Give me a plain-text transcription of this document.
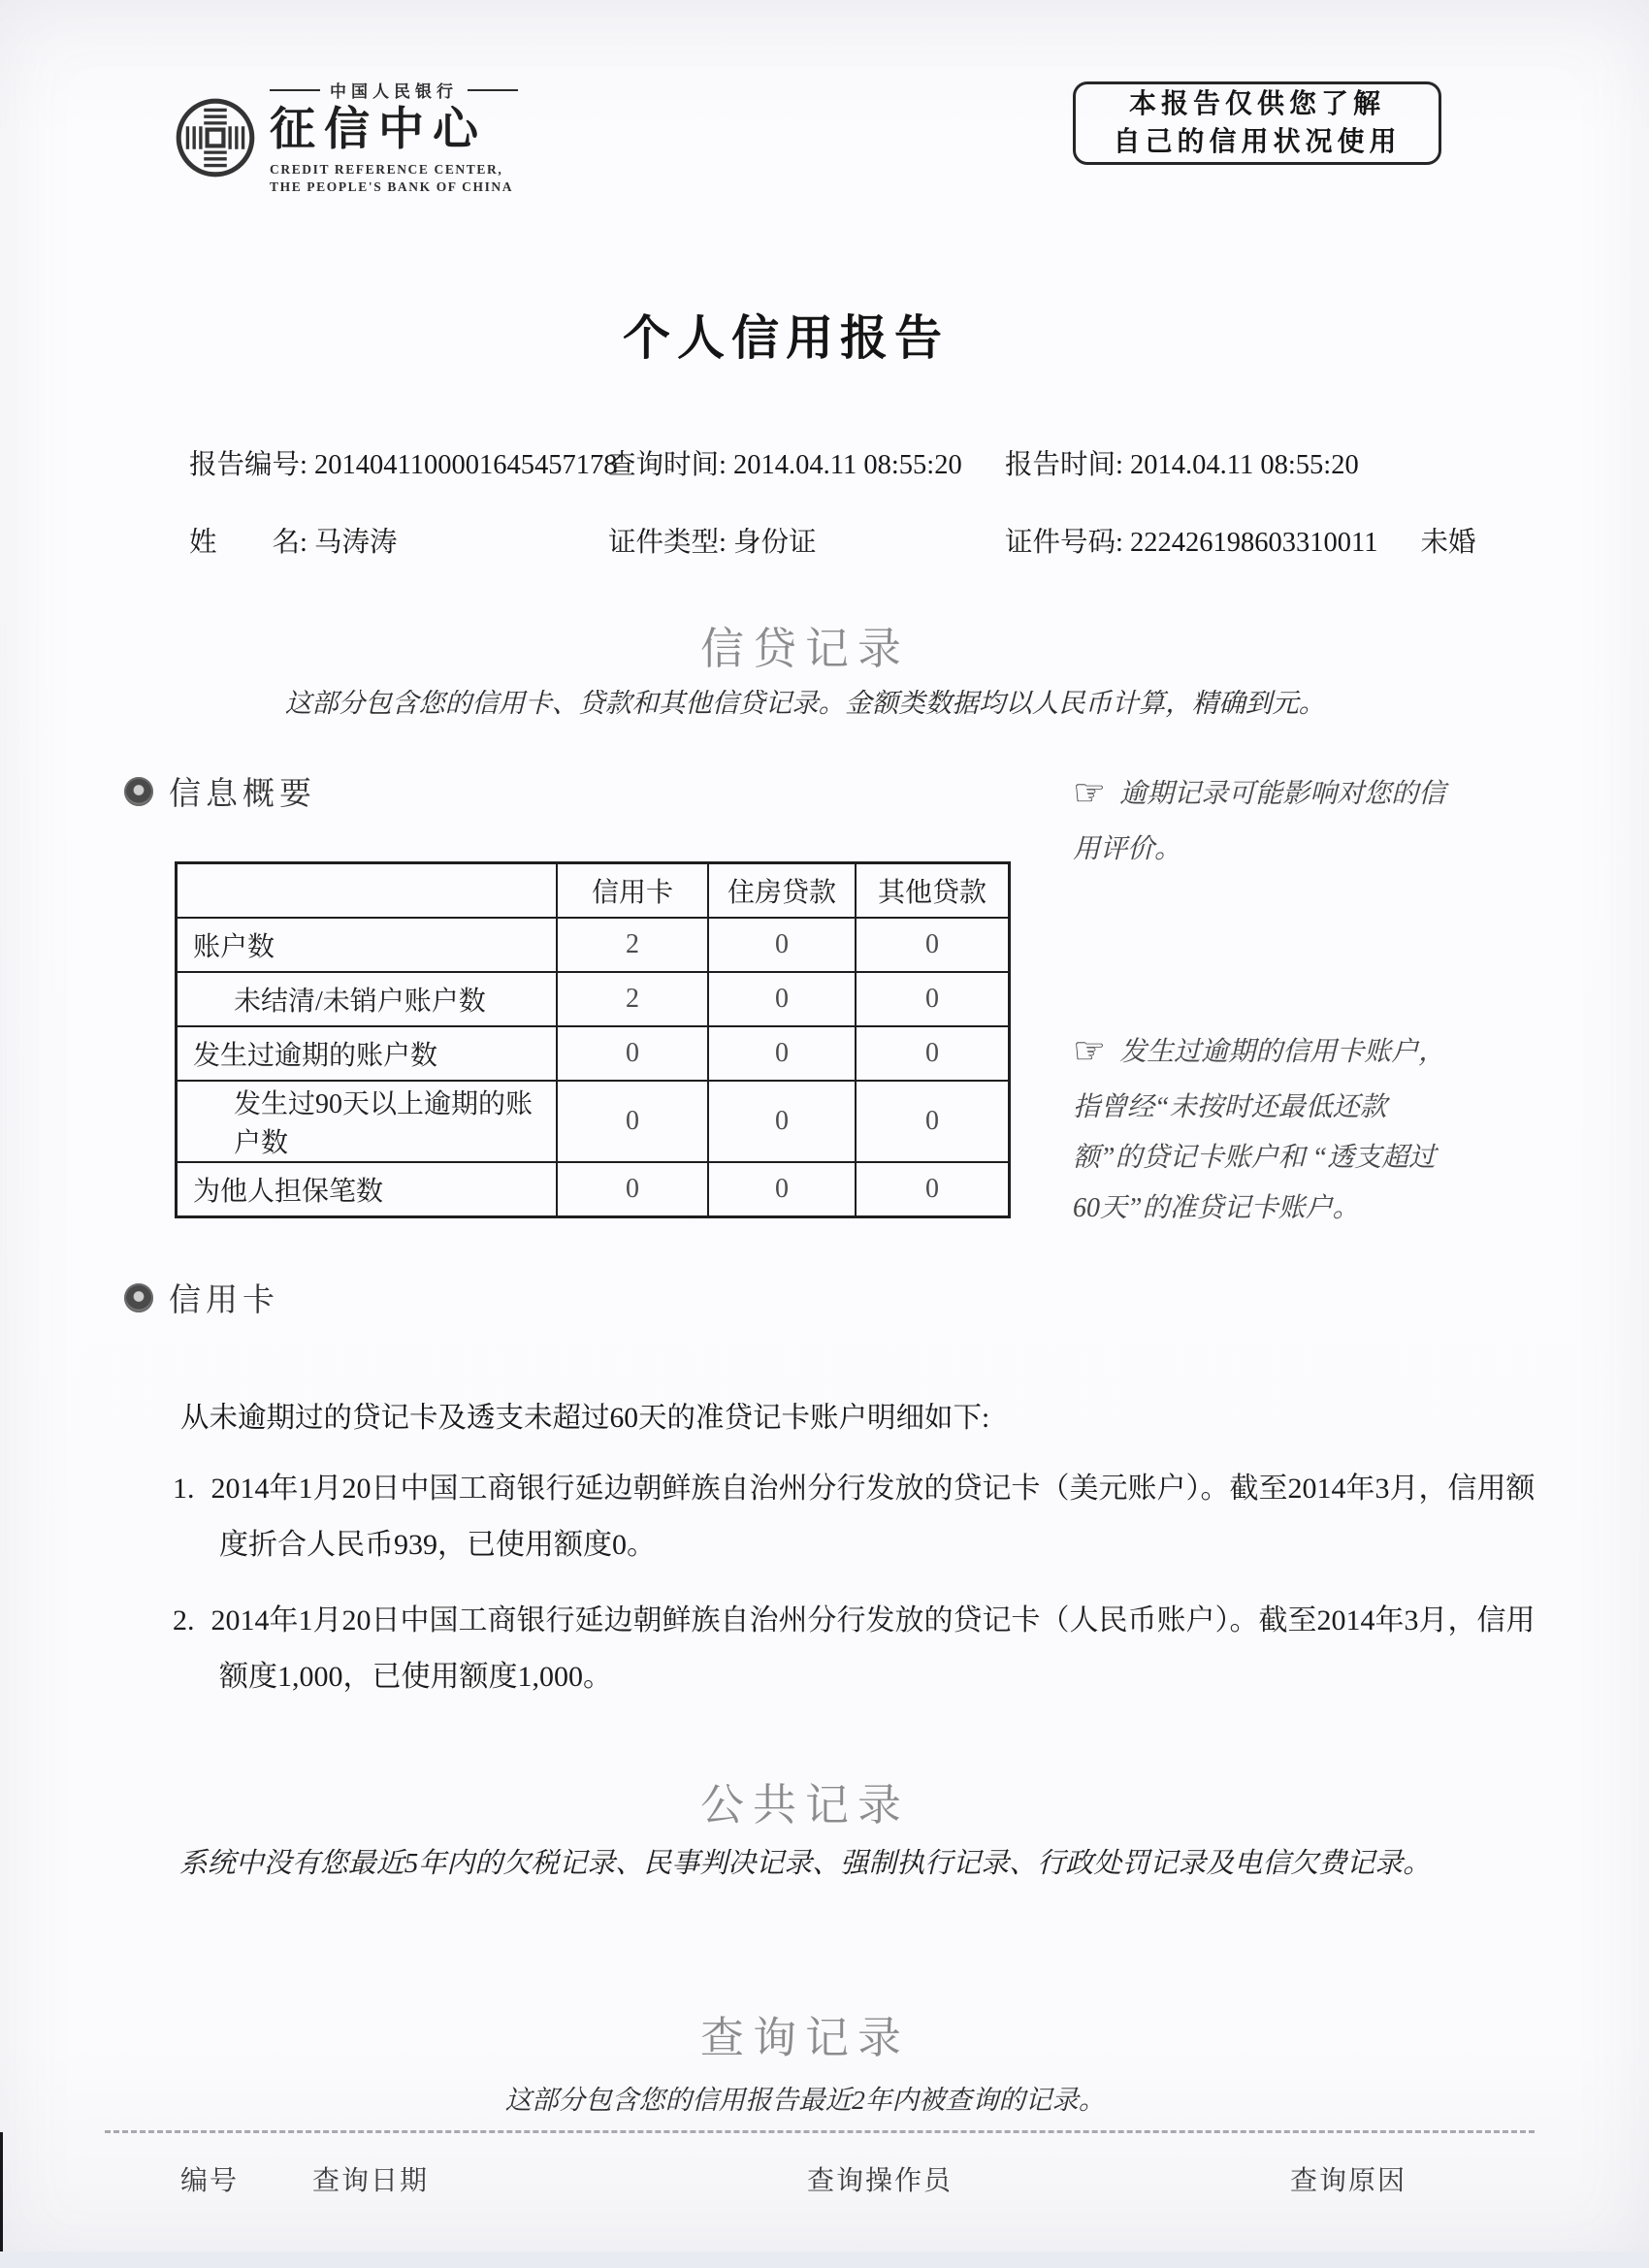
中国人民银行
征信中心
CREDIT REFERENCE CENTER,
THE PEOPLE'S BANK OF CHINA
本报告仅供您了解
自己的信用状况使用
个人信用报告
报告编号: 2014041100001645457178
查询时间: 2014.04.11 08:55:20 报告时间: 2014.04.11 08:55:20
姓　　名: 马涛涛	证件类型: 身份证	证件号码: 222426198603310011 未婚
信贷记录
这部分包含您的信用卡、贷款和其他信贷记录。金额类数据均以人民币计算，精确到元。
信息概要
	信用卡	住房贷款	其他贷款
账户数	2	0	0
未结清/未销户账户数	2	0	0
发生过逾期的账户数	0	0	0
发生过90天以上逾期的账户数	0	0	0
为他人担保笔数	0	0	0
☞ 逾期记录可能影响对您的信用评价。
☞ 发生过逾期的信用卡账户，指曾经“未按时还最低还款额”的贷记卡账户和 “透支超过60天”的准贷记卡账户。
信用卡
从未逾期过的贷记卡及透支未超过60天的准贷记卡账户明细如下:
1. 2014年1月20日中国工商银行延边朝鲜族自治州分行发放的贷记卡（美元账户）。截至2014年3月，信用额度折合人民币939，已使用额度0。
2. 2014年1月20日中国工商银行延边朝鲜族自治州分行发放的贷记卡（人民币账户）。截至2014年3月，信用额度1,000，已使用额度1,000。
公共记录
系统中没有您最近5年内的欠税记录、民事判决记录、强制执行记录、行政处罚记录及电信欠费记录。
查询记录
这部分包含您的信用报告最近2年内被查询的记录。
编号	查询日期	查询操作员	查询原因
